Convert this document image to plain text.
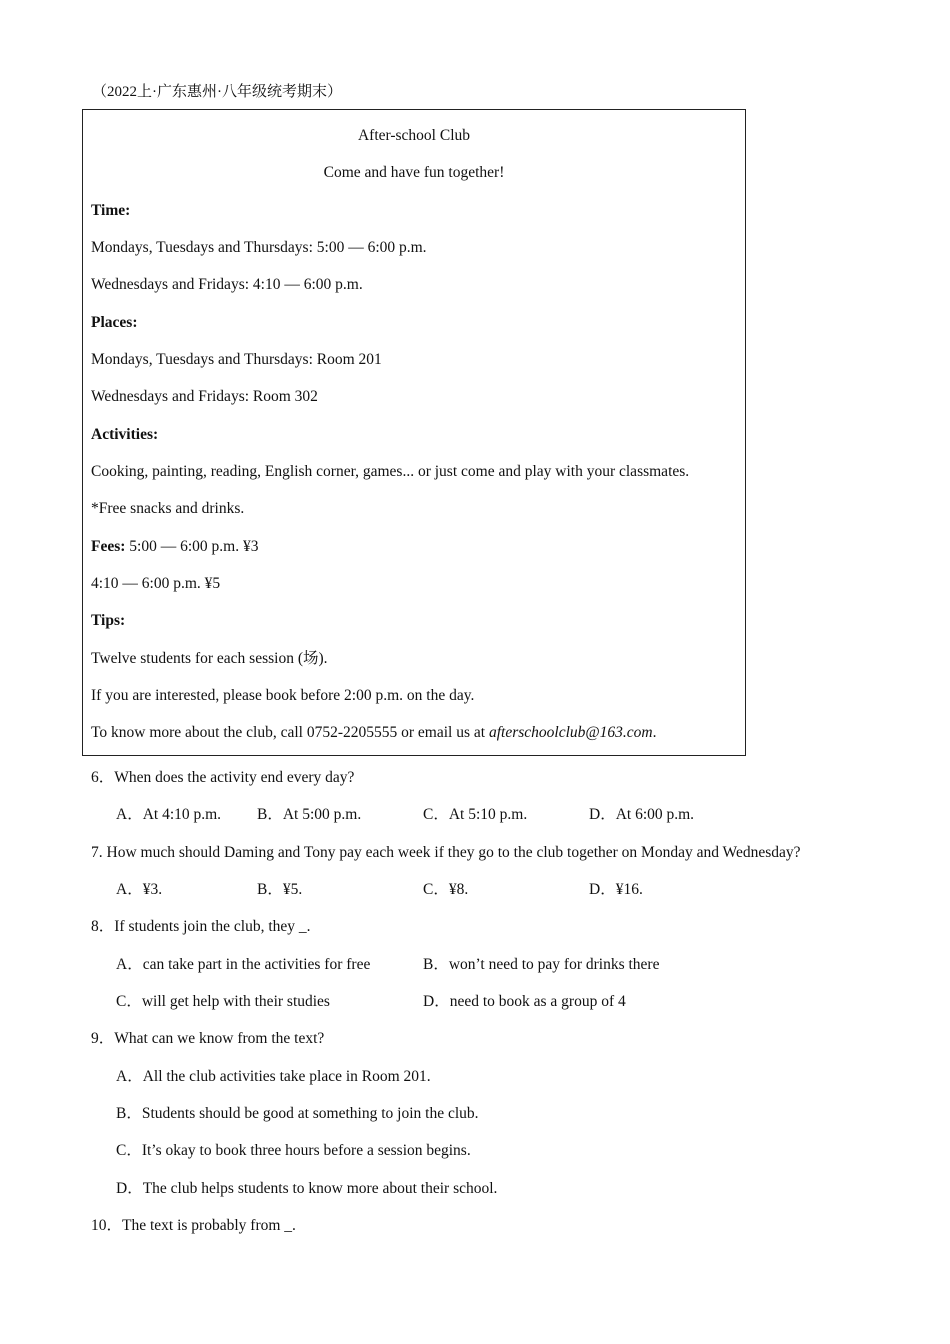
（2022上·广东惠州·八年级统考期末）
After-school Club
Come and have fun together!
Time:
Mondays, Tuesdays and Thursdays: 5:00 — 6:00 p.m.
Wednesdays and Fridays: 4:10 — 6:00 p.m.
Places:
Mondays, Tuesdays and Thursdays: Room 201
Wednesdays and Fridays: Room 302
Activities:
Cooking, painting, reading, English corner, games... or just come and play with your classmates.
*Free snacks and drinks.
Fees: 5:00 — 6:00 p.m. ¥3
4:10 — 6:00 p.m. ¥5
Tips:
Twelve students for each session (场).
If you are interested, please book before 2:00 p.m. on the day.
To know more about the club, call 0752-2205555 or email us at afterschoolclub@163.com.
6．When does the activity end every day?
A．At 4:10 p.m. B．At 5:00 p.m.	C．At 5:10 p.m.	D．At 6:00 p.m.
7. How much should Daming and Tony pay each week if they go to the club together on Monday and Wednesday?
A．¥3.	B．¥5.	C．¥8.	D．¥16.
8．If students join the club, they _.
A．can take part in the activities for free	B．won’t need to pay for drinks there
C．will get help with their studies	D．need to book as a group of 4
9．What can we know from the text?
A．All the club activities take place in Room 201.
B．Students should be good at something to join the club.
C．It’s okay to book three hours before a session begins.
D．The club helps students to know more about their school.
10．The text is probably from _.
